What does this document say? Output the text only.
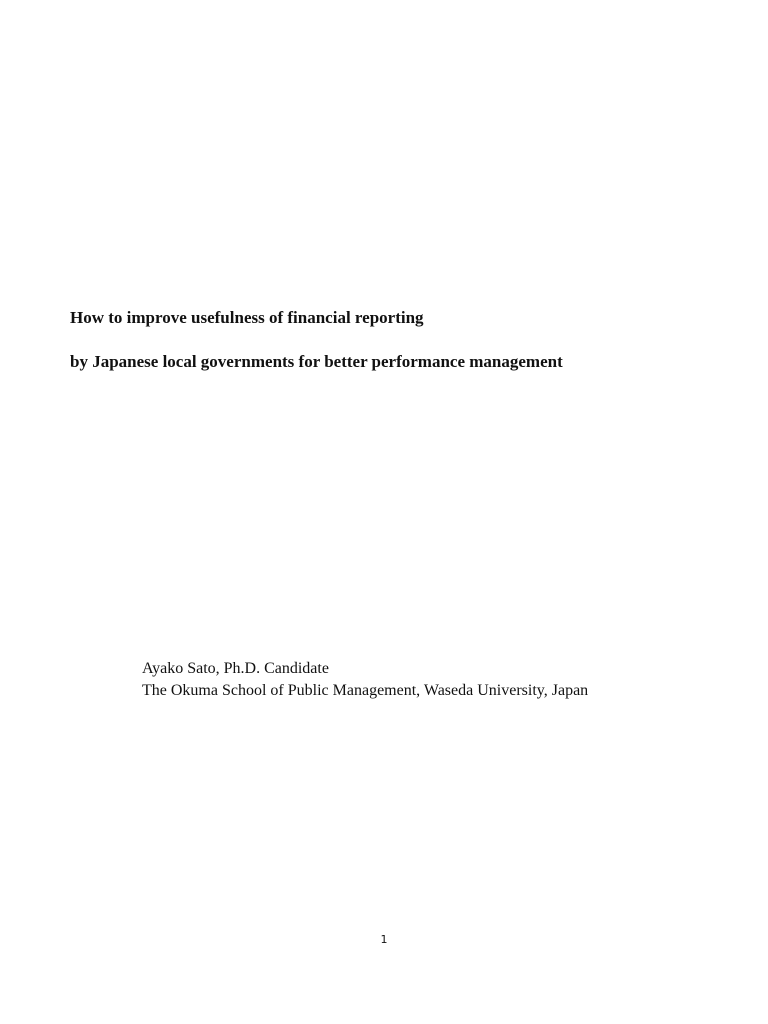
How to improve usefulness of financial reporting
by Japanese local governments for better performance management
Ayako Sato, Ph.D. Candidate
The Okuma School of Public Management, Waseda University, Japan
1
